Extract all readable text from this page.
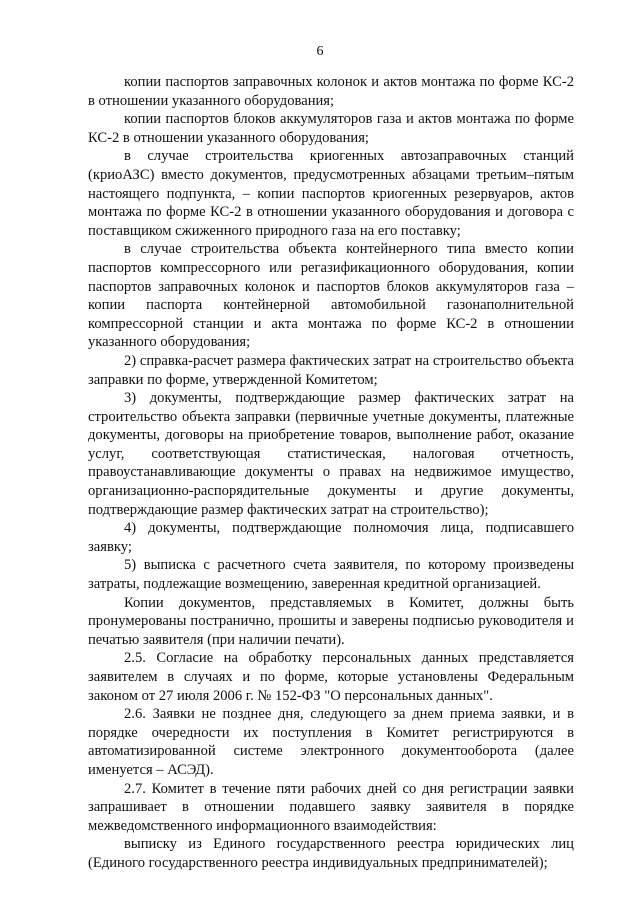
6

копии паспортов заправочных колонок и актов монтажа по форме КС-2 в отношении указанного оборудования;

копии паспортов блоков аккумуляторов газа и актов монтажа по форме КС-2 в отношении указанного оборудования;

в случае строительства криогенных автозаправочных станций (криоАЗС) вместо документов, предусмотренных абзацами третьим–пятым настоящего подпункта, – копии паспортов криогенных резервуаров, актов монтажа по форме КС-2 в отношении указанного оборудования и договора с поставщиком сжиженного природного газа на его поставку;

в случае строительства объекта контейнерного типа вместо копии паспортов компрессорного или регазификационного оборудования, копии паспортов заправочных колонок и паспортов блоков аккумуляторов газа – копии паспорта контейнерной автомобильной газонаполнительной компрессорной станции и акта монтажа по форме КС-2 в отношении указанного оборудования;

2) справка-расчет размера фактических затрат на строительство объекта заправки по форме, утвержденной Комитетом;

3) документы, подтверждающие размер фактических затрат на строительство объекта заправки (первичные учетные документы, платежные документы, договоры на приобретение товаров, выполнение работ, оказание услуг, соответствующая статистическая, налоговая отчетность, правоустанавливающие документы о правах на недвижимое имущество, организационно-распорядительные документы и другие документы, подтверждающие размер фактических затрат на строительство);

4) документы, подтверждающие полномочия лица, подписавшего заявку;

5) выписка с расчетного счета заявителя, по которому произведены затраты, подлежащие возмещению, заверенная кредитной организацией.

Копии документов, представляемых в Комитет, должны быть пронумерованы постранично, прошиты и заверены подписью руководителя и печатью заявителя (при наличии печати).

2.5. Согласие на обработку персональных данных представляется заявителем в случаях и по форме, которые установлены Федеральным законом от 27 июля 2006 г. № 152-ФЗ "О персональных данных".

2.6. Заявки не позднее дня, следующего за днем приема заявки, и в порядке очередности их поступления в Комитет регистрируются в автоматизированной системе электронного документооборота (далее именуется – АСЭД).

2.7. Комитет в течение пяти рабочих дней со дня регистрации заявки запрашивает в отношении подавшего заявку заявителя в порядке межведомственного информационного взаимодействия:

выписку из Единого государственного реестра юридических лиц (Единого государственного реестра индивидуальных предпринимателей);
